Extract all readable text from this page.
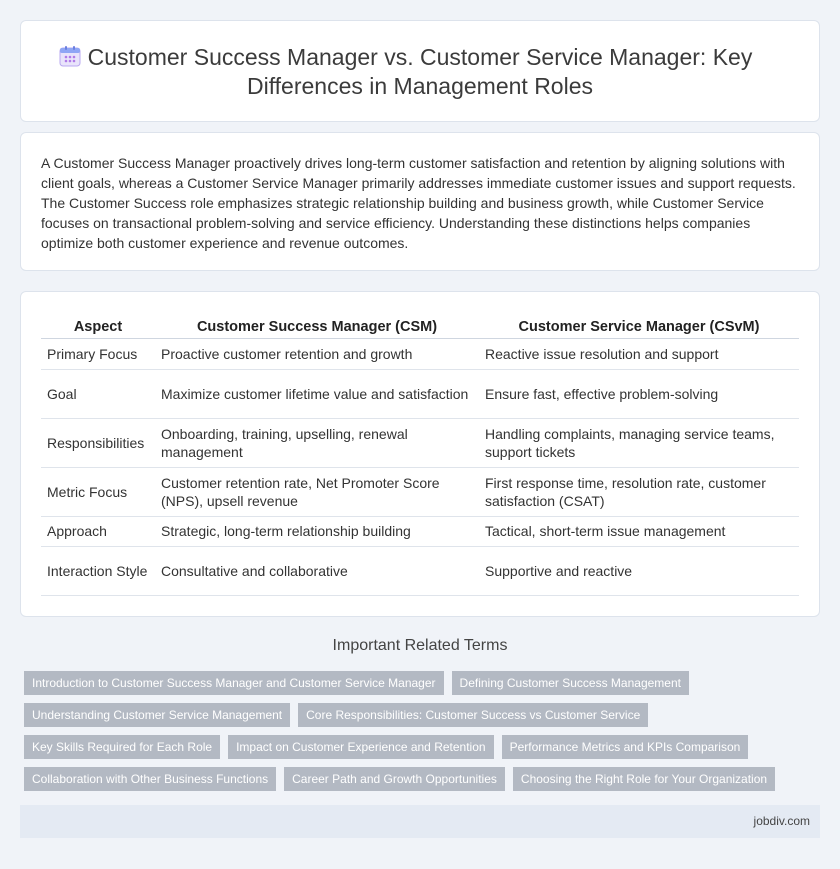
Customer Success Manager vs. Customer Service Manager: Key Differences in Management Roles

A Customer Success Manager proactively drives long-term customer satisfaction and retention by aligning solutions with client goals, whereas a Customer Service Manager primarily addresses immediate customer issues and support requests. The Customer Success role emphasizes strategic relationship building and business growth, while Customer Service focuses on transactional problem-solving and service efficiency. Understanding these distinctions helps companies optimize both customer experience and revenue outcomes.

Aspect	Customer Success Manager (CSM)	Customer Service Manager (CSvM)
Primary Focus	Proactive customer retention and growth	Reactive issue resolution and support
Goal	Maximize customer lifetime value and satisfaction	Ensure fast, effective problem-solving
Responsibilities	Onboarding, training, upselling, renewal management	Handling complaints, managing service teams, support tickets
Metric Focus	Customer retention rate, Net Promoter Score (NPS), upsell revenue	First response time, resolution rate, customer satisfaction (CSAT)
Approach	Strategic, long-term relationship building	Tactical, short-term issue management
Interaction Style	Consultative and collaborative	Supportive and reactive
Important Related Terms
Introduction to Customer Success Manager and Customer Service Manager	Defining Customer Success Management
Understanding Customer Service Management	Core Responsibilities: Customer Success vs Customer Service
Key Skills Required for Each Role	Impact on Customer Experience and Retention	Performance Metrics and KPIs Comparison
Collaboration with Other Business Functions	Career Path and Growth Opportunities	Choosing the Right Role for Your Organization
jobdiv.com
